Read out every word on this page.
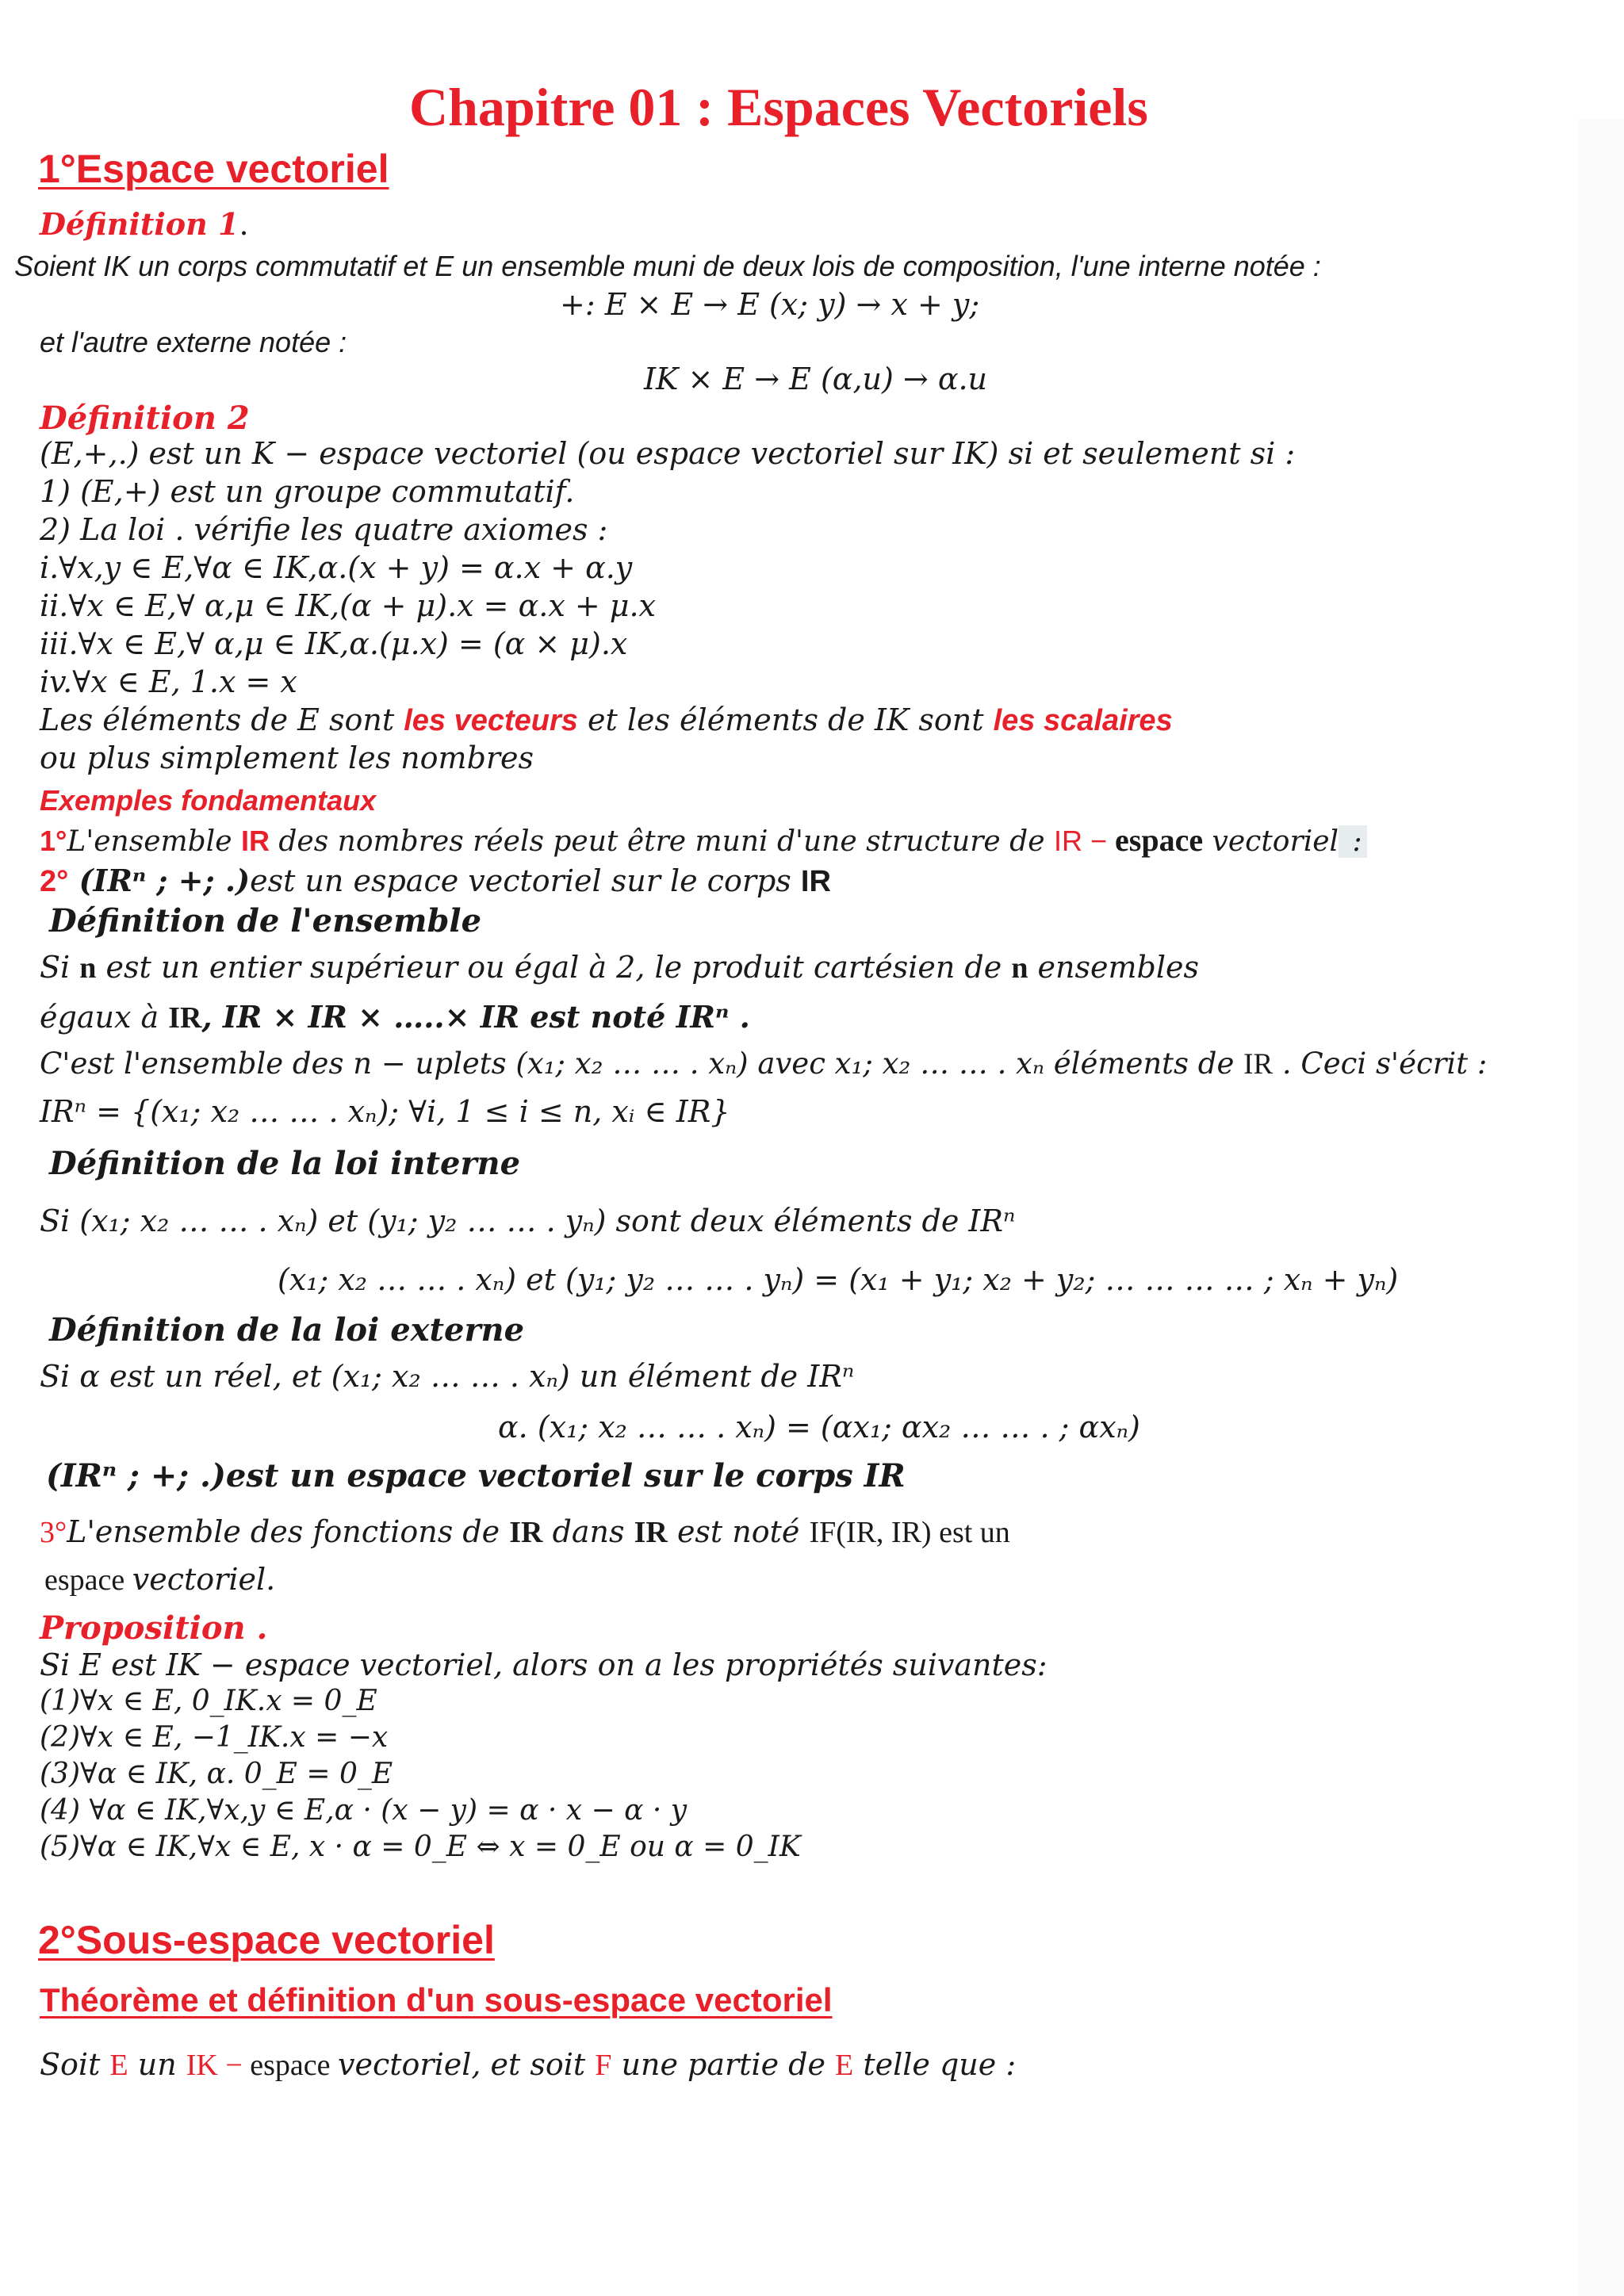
Chapitre 01 : Espaces Vectoriels
1°Espace vectoriel
Définition 1.
Soient IK un corps commutatif et E un ensemble muni de deux lois de composition, l'une interne notée :
+: E × E → E (x; y) → x + y;
et l'autre externe notée :
IK × E → E (α,u) → α.u
Définition 2
(E,+,.) est un K − espace vectoriel (ou espace vectoriel sur IK) si et seulement si :
1) (E,+) est un groupe commutatif.
2) La loi . vérifie les quatre axiomes :
i.∀x,y ∈ E,∀α ∈ IK,α.(x + y) = α.x + α.y
ii.∀x ∈ E,∀ α,μ ∈ IK,(α + μ).x = α.x + μ.x
iii.∀x ∈ E,∀ α,μ ∈ IK,α.(μ.x) = (α × μ).x
iv.∀x ∈ E, 1.x = x
Les éléments de E sont les vecteurs et les éléments de IK sont les scalaires
ou plus simplement les nombres
Exemples fondamentaux
1°L'ensemble IR des nombres réels peut être muni d'une structure de IR − espace vectoriel :
2° (IRⁿ ; +; .)est un espace vectoriel sur le corps IR
Définition de l'ensemble
Si n est un entier supérieur ou égal à 2, le produit cartésien de n ensembles
égaux à IR, IR × IR × …..× IR est noté IRⁿ .
C'est l'ensemble des n − uplets (x₁; x₂ … … . xₙ) avec x₁; x₂ … … . xₙ éléments de IR . Ceci s'écrit :
IRⁿ = {(x₁; x₂ … … . xₙ); ∀i, 1 ≤ i ≤ n, xᵢ ∈ IR}
Définition de la loi interne
Si (x₁; x₂ … … . xₙ) et (y₁; y₂ … … . yₙ) sont deux éléments de IRⁿ
(x₁; x₂ … … . xₙ) et (y₁; y₂ … … . yₙ) = (x₁ + y₁; x₂ + y₂; … … … … ; xₙ + yₙ)
Définition de la loi externe
Si α est un réel, et (x₁; x₂ … … . xₙ) un élément de IRⁿ
α. (x₁; x₂ … … . xₙ) = (αx₁; αx₂ … … . ; αxₙ)
(IRⁿ ; +; .)est un espace vectoriel sur le corps IR
3°L'ensemble des fonctions de IR dans IR est noté IF(IR, IR) est un
espace vectoriel.
Proposition .
Si E est IK − espace vectoriel, alors on a les propriétés suivantes:
(1)∀x ∈ E, 0_IK.x = 0_E
(2)∀x ∈ E, −1_IK.x = −x
(3)∀α ∈ IK, α. 0_E = 0_E
(4) ∀α ∈ IK,∀x,y ∈ E,α · (x − y) = α · x − α · y
(5)∀α ∈ IK,∀x ∈ E, x · α = 0_E ⇔ x = 0_E ou α = 0_IK
2°Sous-espace vectoriel
Théorème et définition d'un sous-espace vectoriel
Soit E un IK − espace vectoriel, et soit F une partie de E telle que :
